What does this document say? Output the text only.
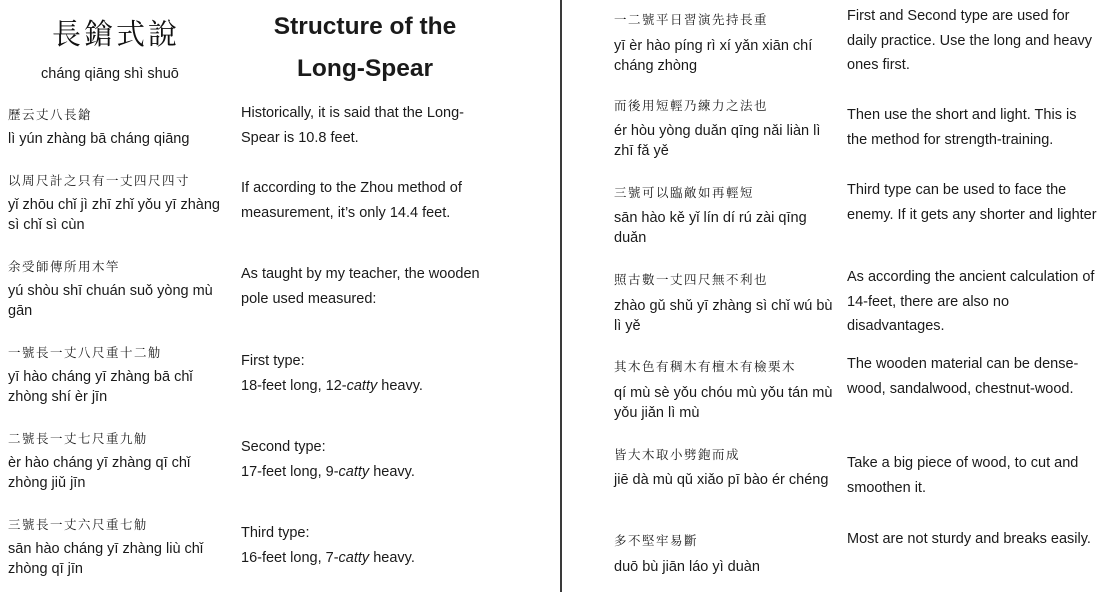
長鎗式說
cháng qiāng shì shuō
Structure of the
Long-Spear
歷云丈八長鎗
lì yún zhàng bā cháng qiāng
Historically, it is said that the Long-Spear is 10.8 feet.
以周尺計之只有一丈四尺四寸
yǐ zhōu chǐ jì zhī zhǐ yǒu yī zhàng sì chǐ sì cùn
If according to the Zhou method of measurement, it’s only 14.4 feet.
余受師傳所用木竿
yú shòu shī chuán suǒ yòng mù gān
As taught by my teacher, the wooden pole used measured:
一號長一丈八尺重十二觔
yī hào cháng yī zhàng bā chǐ zhòng shí èr jīn
First type:
18-feet long, 12-catty heavy.
二號長一丈七尺重九觔
èr hào cháng yī zhàng qī chǐ zhòng jiǔ jīn
Second type:
17-feet long, 9-catty heavy.
三號長一丈六尺重七觔
sān hào cháng yī zhàng liù chǐ zhòng qī jīn
Third type:
16-feet long, 7-catty heavy.
一二號平日習演先持長重
yī èr hào píng rì xí yǎn xiān chí cháng zhòng
First and Second type are used for daily practice. Use the long and heavy ones first.
而後用短輕乃練力之法也
ér hòu yòng duǎn qīng nǎi liàn lì zhī fǎ yě
Then use the short and light. This is the method for strength-training.
三號可以臨敵如再輕短
sān hào kě yǐ lín dí rú zài qīng duǎn
Third type can be used to face the enemy. If it gets any shorter and lighter
照古數一丈四尺無不利也
zhào gǔ shǔ yī zhàng sì chǐ wú bù lì yě
As according the ancient calculation of 14-feet, there are also no disadvantages.
其木色有稠木有檀木有檢栗木
qí mù sè yǒu chóu mù yǒu tán mù yǒu jiǎn lì mù
The wooden material can be dense-wood, sandalwood, chestnut-wood.
皆大木取小劈鉋而成
jiē dà mù qǔ xiǎo pī bào ér chéng
Take a big piece of wood, to cut and smoothen it.
多不堅牢易斷
duō bù jiān láo yì duàn
Most are not sturdy and breaks easily.
